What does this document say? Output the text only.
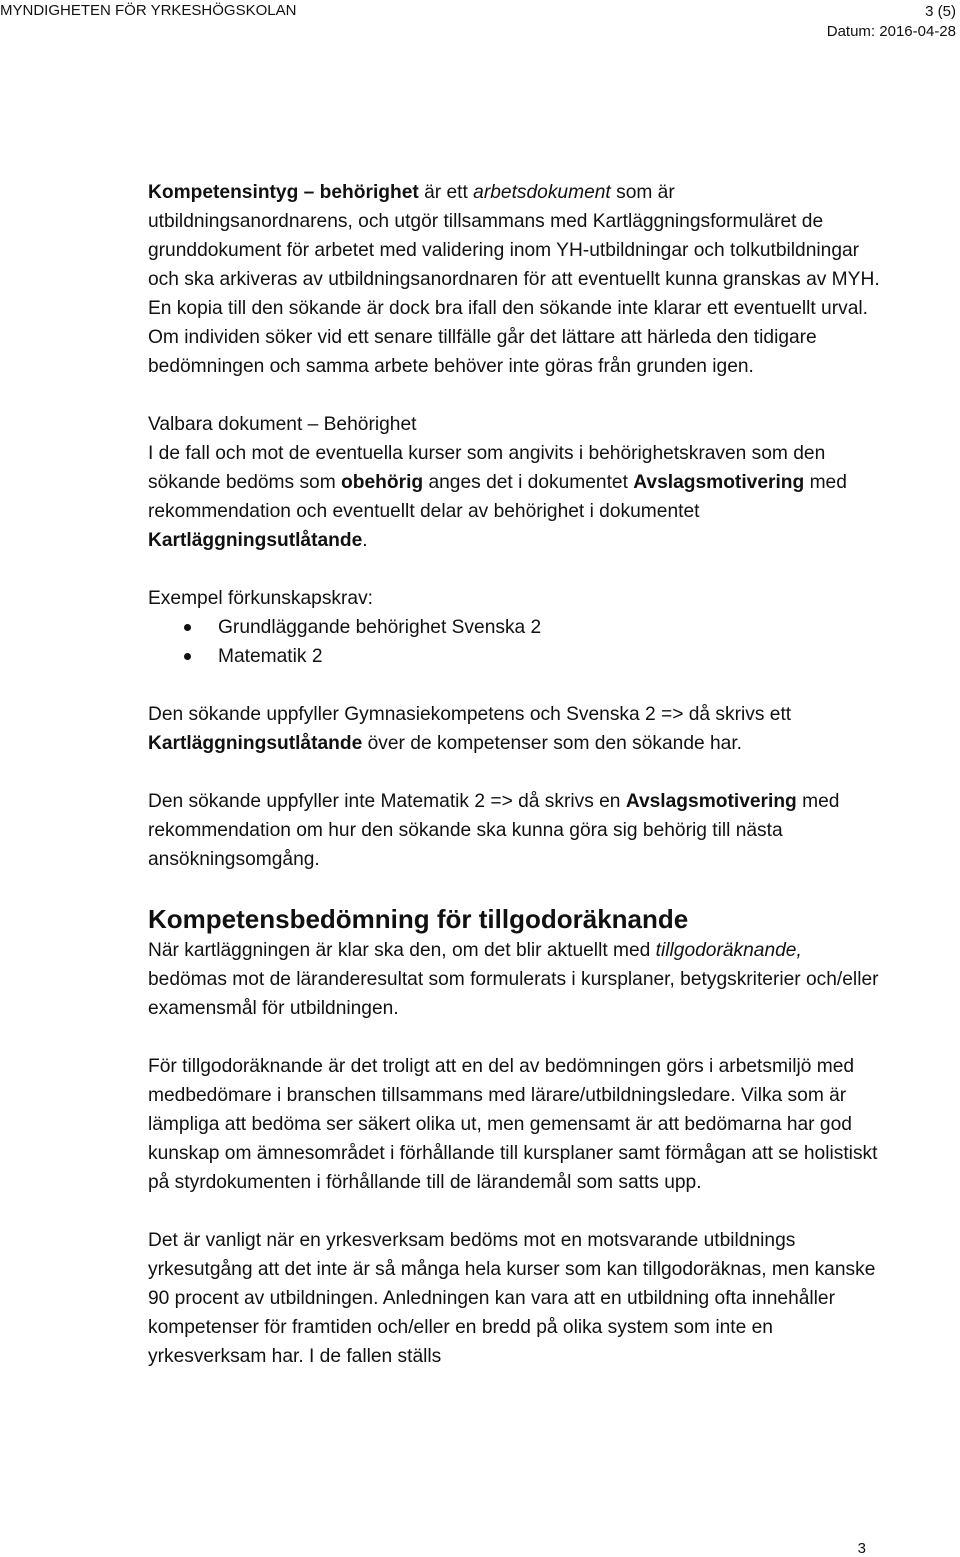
MYNDIGHETEN FÖR YRKESHÖGSKOLAN	3 (5)
Datum: 2016-04-28

Kompetensintyg – behörighet är ett arbetsdokument som är utbildningsanordnarens, och utgör tillsammans med Kartläggningsformuläret de grunddokument för arbetet med validering inom YH-utbildningar och tolkutbildningar och ska arkiveras av utbildningsanordnaren för att eventuellt kunna granskas av MYH. En kopia till den sökande är dock bra ifall den sökande inte klarar ett eventuellt urval. Om individen söker vid ett senare tillfälle går det lättare att härleda den tidigare bedömningen och samma arbete behöver inte göras från grunden igen.

Valbara dokument – Behörighet
I de fall och mot de eventuella kurser som angivits i behörighetskraven som den sökande bedöms som obehörig anges det i dokumentet Avslagsmotivering med rekommendation och eventuellt delar av behörighet i dokumentet Kartläggningsutlåtande.

Exempel förkunskapskrav:

Grundläggande behörighet Svenska 2
Matematik 2

Den sökande uppfyller Gymnasiekompetens och Svenska 2 => då skrivs ett Kartläggningsutlåtande över de kompetenser som den sökande har.

Den sökande uppfyller inte Matematik 2 => då skrivs en Avslagsmotivering med rekommendation om hur den sökande ska kunna göra sig behörig till nästa ansökningsomgång.

Kompetensbedömning för tillgodoräknande

När kartläggningen är klar ska den, om det blir aktuellt med tillgodoräknande, bedömas mot de läranderesultat som formulerats i kursplaner, betygskriterier och/eller examensmål för utbildningen.

För tillgodoräknande är det troligt att en del av bedömningen görs i arbetsmiljö med medbedömare i branschen tillsammans med lärare/utbildningsledare. Vilka som är lämpliga att bedöma ser säkert olika ut, men gemensamt är att bedömarna har god kunskap om ämnesområdet i förhållande till kursplaner samt förmågan att se holistiskt på styrdokumenten i förhållande till de lärandemål som satts upp.

Det är vanligt när en yrkesverksam bedöms mot en motsvarande utbildnings yrkesutgång att det inte är så många hela kurser som kan tillgodoräknas, men kanske 90 procent av utbildningen. Anledningen kan vara att en utbildning ofta innehåller kompetenser för framtiden och/eller en bredd på olika system som inte en yrkesverksam har. I de fallen ställs

3
